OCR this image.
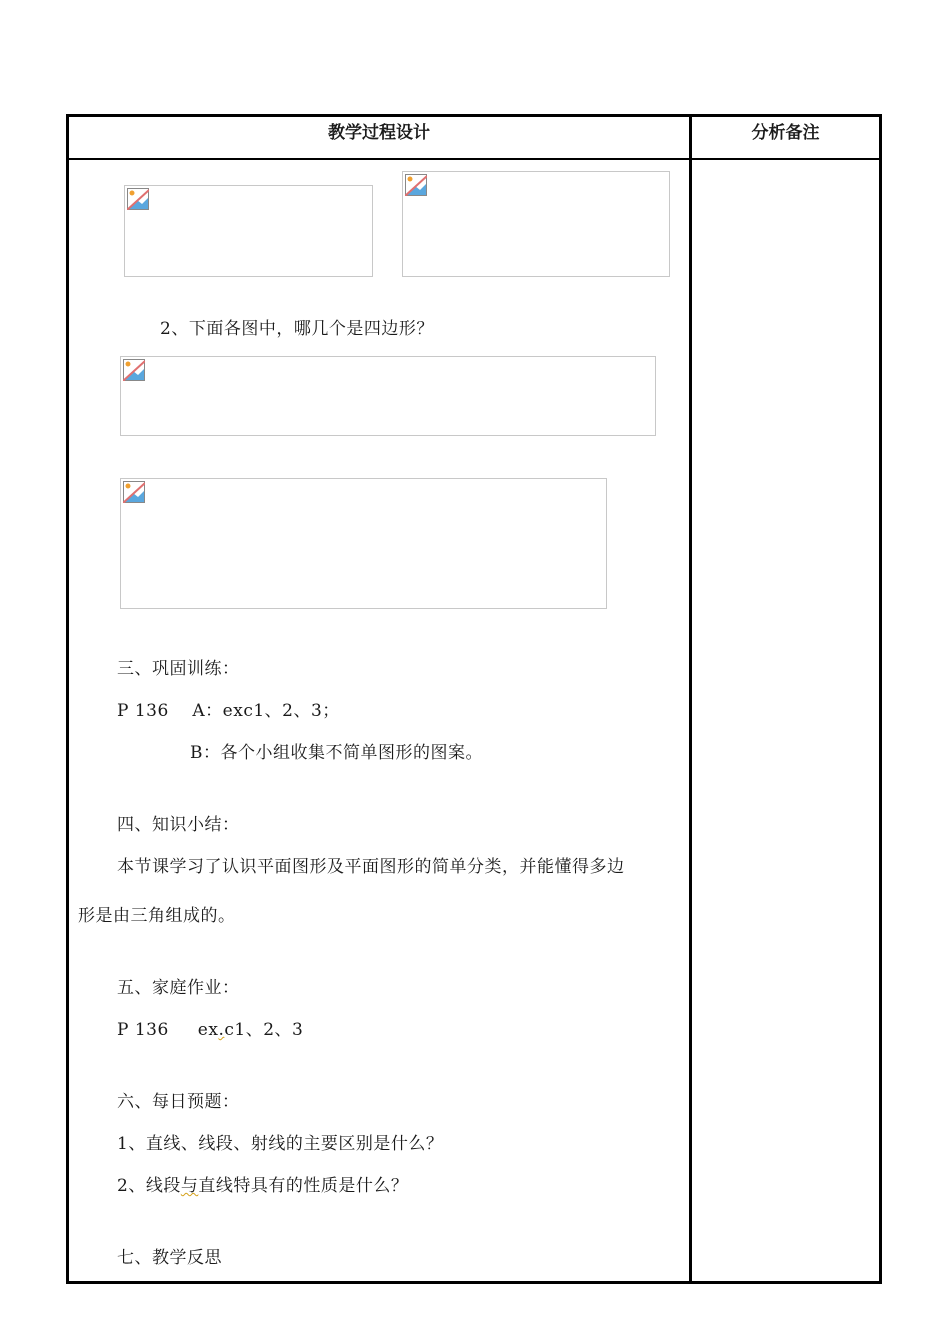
教学过程设计	分析备注
2、下面各图中，哪几个是四边形？
三、巩固训练：
P 136    A：exc1、2、3；
B：各个小组收集不简单图形的图案。
四、知识小结：
本节课学习了认识平面图形及平面图形的简单分类，并能懂得多边
形是由三角组成的。
五、家庭作业：
P 136 ex.c1、2、3
六、每日预题：
1、直线、线段、射线的主要区别是什么？
2、线段与直线特具有的性质是什么？
七、教学反思
